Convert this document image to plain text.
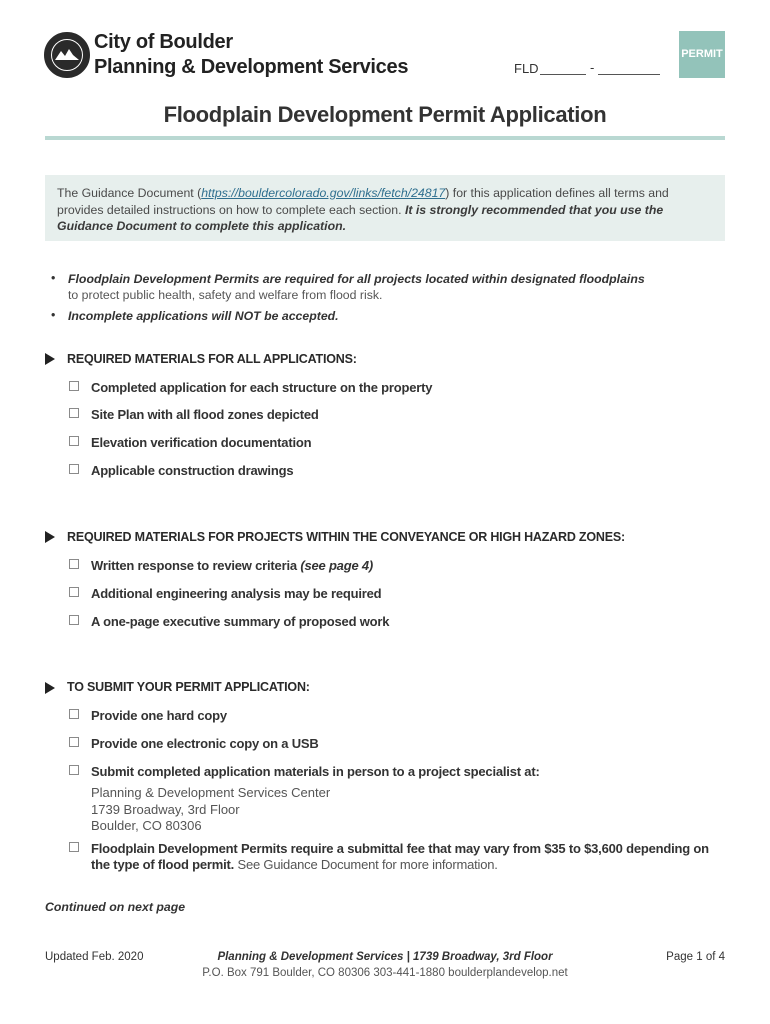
City of Boulder
Planning & Development Services	FLD	-
PERMIT
Floodplain Development Permit Application
The Guidance Document (https://bouldercolorado.gov/links/fetch/24817) for this application defines all terms and provides detailed instructions on how to complete each section. It is strongly recommended that you use the Guidance Document to complete this application.
• Floodplain Development Permits are required for all projects located within designated floodplains
to protect public health, safety and welfare from flood risk.
• Incomplete applications will NOT be accepted.
REQUIRED MATERIALS FOR ALL APPLICATIONS:
Completed application for each structure on the property
Site Plan with all flood zones depicted
Elevation verification documentation
Applicable construction drawings
REQUIRED MATERIALS FOR PROJECTS WITHIN THE CONVEYANCE OR HIGH HAZARD ZONES:
Written response to review criteria (see page 4)
Additional engineering analysis may be required
A one-page executive summary of proposed work
TO SUBMIT YOUR PERMIT APPLICATION:
Provide one hard copy
Provide one electronic copy on a USB
Submit completed application materials in person to a project specialist at:
Planning & Development Services Center
1739 Broadway, 3rd Floor
Boulder, CO 80306
Floodplain Development Permits require a submittal fee that may vary from $35 to $3,600 depending on
the type of flood permit. See Guidance Document for more information.
Continued on next page
Updated Feb. 2020	Planning & Development Services | 1739 Broadway, 3rd Floor
P.O. Box 791 Boulder, CO 80306 303-441-1880 boulderplandevelop.net
Page 1 of 4
